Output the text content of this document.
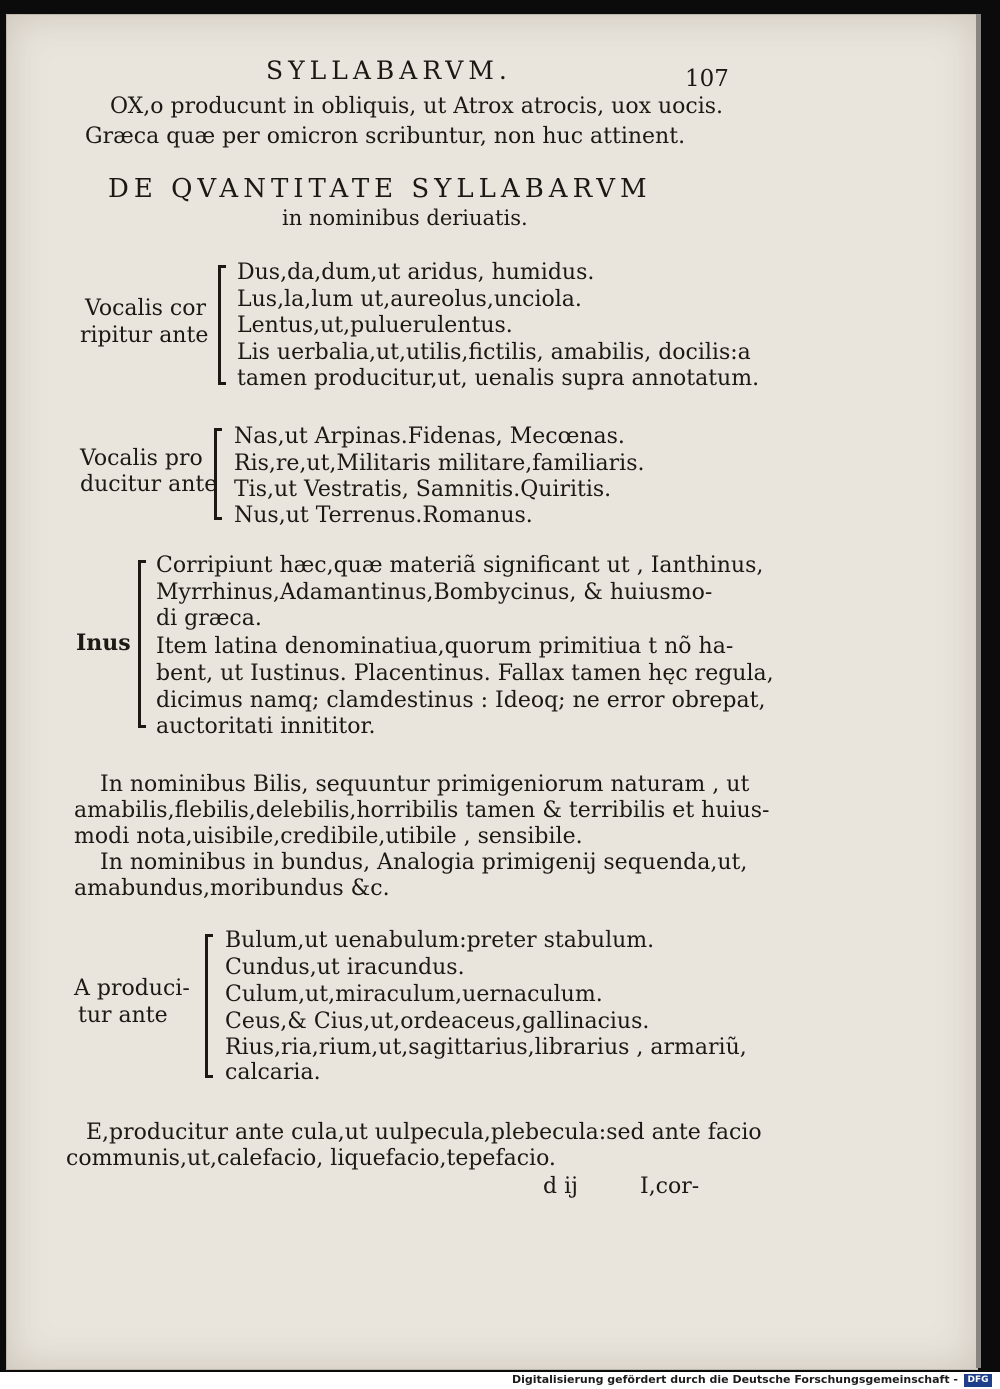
SYLLABARVM.	107
OX,o producunt in obliquis, ut Atrox atrocis, uox uocis.
Græca quæ per omicron scribuntur, non huc attinent.
DE QVANTITATE SYLLABARVM
in nominibus deriuatis.
Vocalis cor
ripitur ante
Dus,da,dum,ut aridus, humidus.
Lus,la,lum ut,aureolus,unciola.
Lentus,ut,puluerulentus.
Lis uerbalia,ut,utilis,fictilis, amabilis, docilis:a
tamen producitur,ut, uenalis supra annotatum.
Vocalis pro
ducitur ante
Nas,ut Arpinas.Fidenas, Mecœnas.
Ris,re,ut,Militaris militare,familiaris.
Tis,ut Vestratis, Samnitis.Quiritis.
Nus,ut Terrenus.Romanus.
Inus
Corripiunt hæc,quæ materiã significant ut , Ianthinus,
Myrrhinus,Adamantinus,Bombycinus, & huiusmo-
di græca.
Item latina denominatiua,quorum primitiua t nõ ha-
bent, ut Iustinus. Placentinus. Fallax tamen hęc regula,
dicimus namq; clamdestinus : Ideoq; ne error obrepat,
auctoritati innititor.
In nominibus Bilis, sequuntur primigeniorum naturam , ut
amabilis,flebilis,delebilis,horribilis tamen & terribilis et huius-
modi nota,uisibile,credibile,utibile , sensibile.
In nominibus in bundus, Analogia primigenij sequenda,ut,
amabundus,moribundus &c.
A produci-
tur ante
Bulum,ut uenabulum:preter stabulum.
Cundus,ut iracundus.
Culum,ut,miraculum,uernaculum.
Ceus,& Cius,ut,ordeaceus,gallinacius.
Rius,ria,rium,ut,sagittarius,librarius , armariũ,
calcaria.
E,producitur ante cula,ut uulpecula,plebecula:sed ante facio
communis,ut,calefacio, liquefacio,tepefacio.
d ij	I,cor-
Digitalisierung gefördert durch die Deutsche Forschungsgemeinschaft -	DFG
